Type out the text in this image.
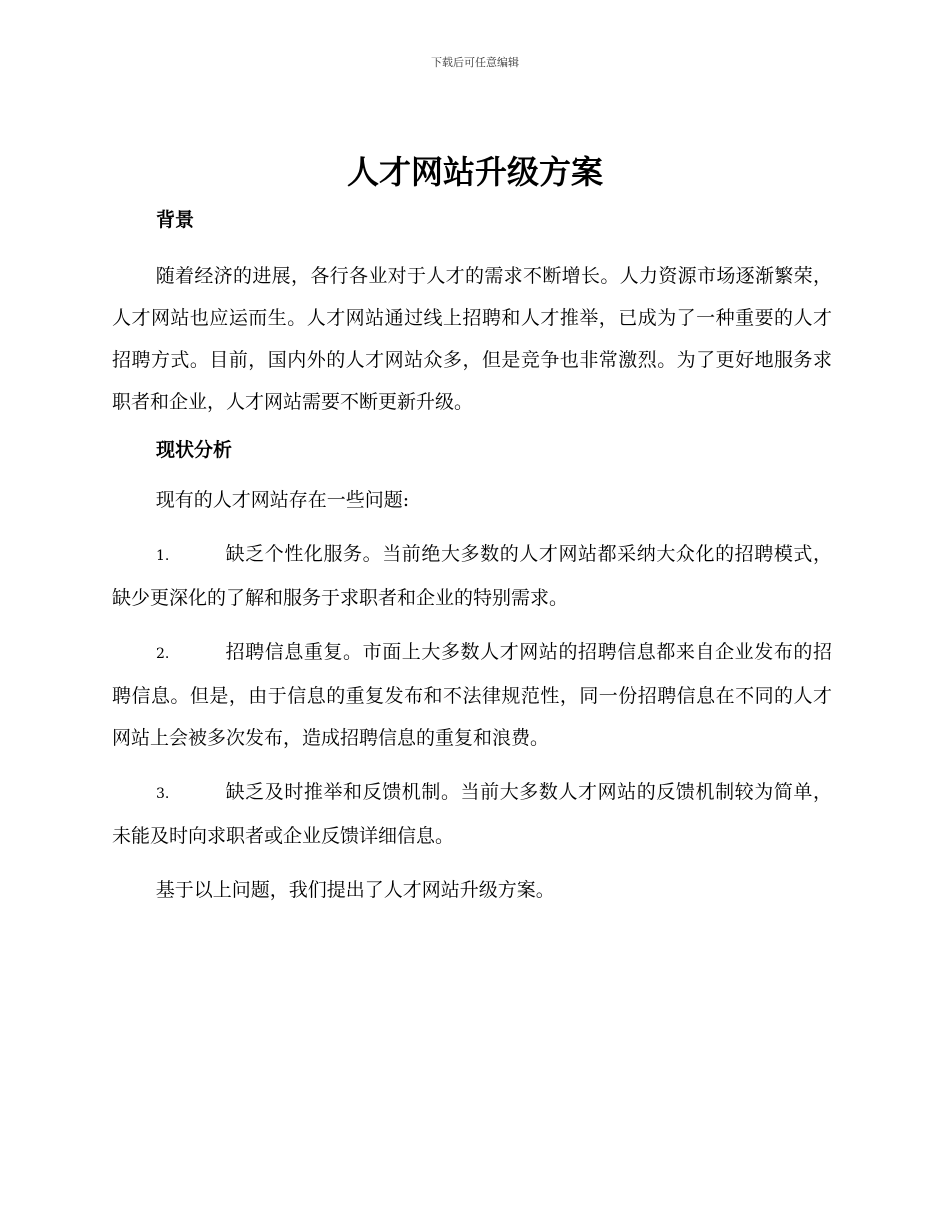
下载后可任意编辑
人才网站升级方案
背景

随着经济的进展，各行各业对于人才的需求不断增长。人力资源市场逐渐繁荣，人才网站也应运而生。人才网站通过线上招聘和人才推举，已成为了一种重要的人才招聘方式。目前，国内外的人才网站众多，但是竞争也非常激烈。为了更好地服务求职者和企业，人才网站需要不断更新升级。

现状分析

现有的人才网站存在一些问题:

1.	缺乏个性化服务。当前绝大多数的人才网站都采纳大众化的招聘模式，缺少更深化的了解和服务于求职者和企业的特别需求。

2.	招聘信息重复。市面上大多数人才网站的招聘信息都来自企业发布的招聘信息。但是，由于信息的重复发布和不法律规范性，同一份招聘信息在不同的人才网站上会被多次发布，造成招聘信息的重复和浪费。

3.	缺乏及时推举和反馈机制。当前大多数人才网站的反馈机制较为简单，未能及时向求职者或企业反馈详细信息。

基于以上问题，我们提出了人才网站升级方案。
